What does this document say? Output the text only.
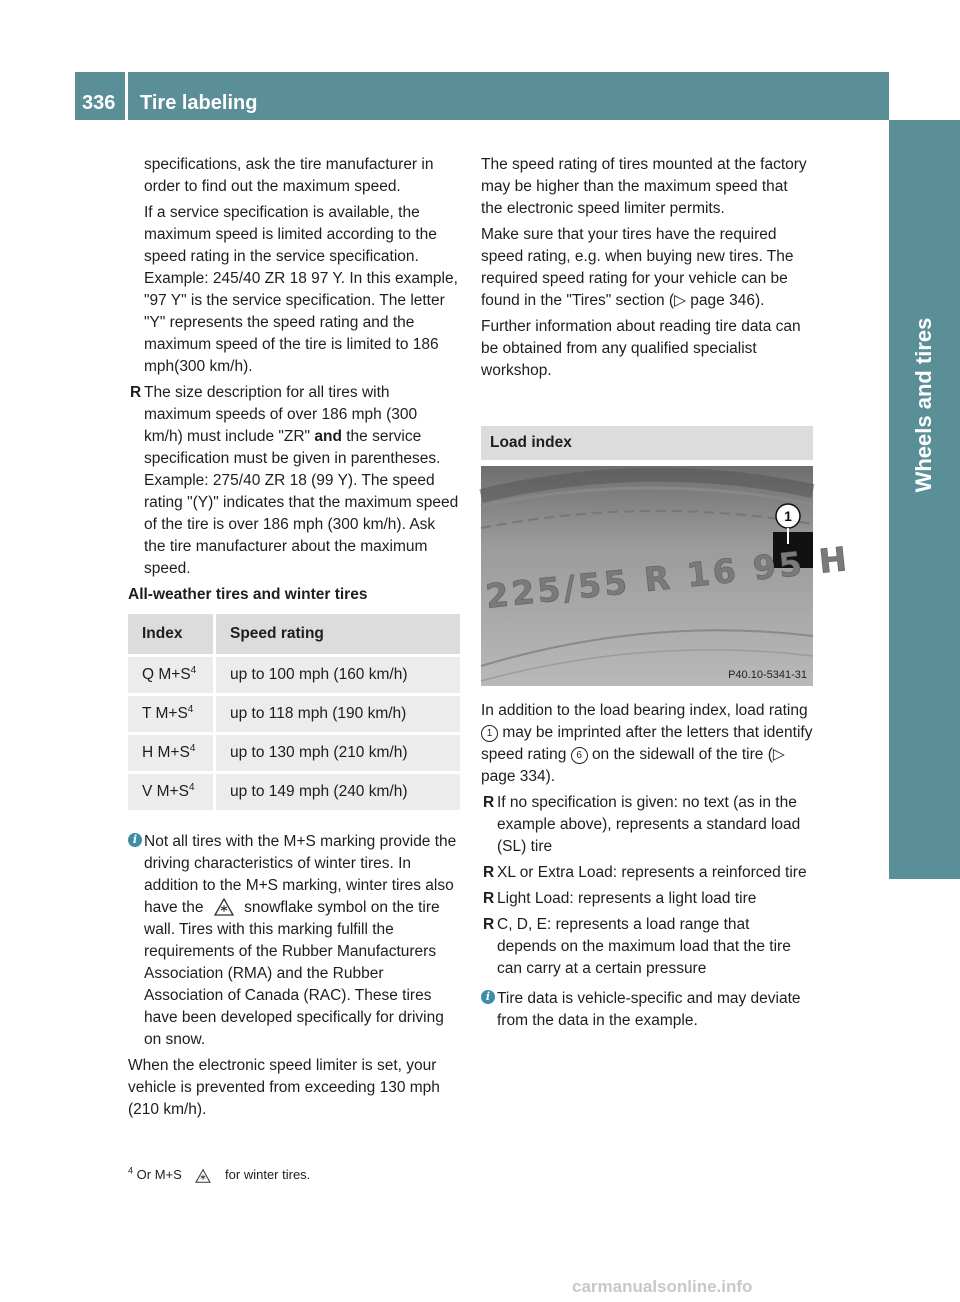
336 Tire labeling
Wheels and tires

specifications, ask the tire manufacturer in order to find out the maximum speed.

If a service specification is available, the maximum speed is limited according to the speed rating in the service specification. Example: 245/40 ZR 18 97 Y. In this example, "97 Y" is the service specification. The letter "Y" represents the speed rating and the maximum speed of the tire is limited to 186 mph(300 km/h).

R The size description for all tires with maximum speeds of over 186 mph (300 km/h) must include "ZR" and the service specification must be given in parentheses. Example: 275/40 ZR 18 (99 Y). The speed rating "(Y)" indicates that the maximum speed of the tire is over 186 mph (300 km/h). Ask the tire manufacturer about the maximum speed.
All-weather tires and winter tires
Index	Speed rating
Q $M+S^4$	up to 100 mph (160 km/h)
T $M+S^4$	up to 118 mph (190 km/h)
H $M+S^4$	up to 130 mph (210 km/h)
V $M+S^4$	up to 149 mph (240 km/h)
i Not all tires with the M+S marking provide the driving characteristics of winter tires. In addition to the M+S marking, winter tires also have the	snowflake symbol on the tire wall. Tires with this marking fulfill the requirements of the Rubber Manufacturers Association (RMA) and the Rubber Association of Canada (RAC). These tires have been developed specifically for driving on snow.

When the electronic speed limiter is set, your vehicle is prevented from exceeding 130 mph (210 km/h).

The speed rating of tires mounted at the factory may be higher than the maximum speed that the electronic speed limiter permits.

Make sure that your tires have the required speed rating, e.g. when buying new tires. The required speed rating for your vehicle can be found in the "Tires" section (▷ page 346).

Further information about reading tire data can be obtained from any qualified specialist workshop.

Load index
225/55 R 16 95 H
1
P40.10-5341-31

In addition to the load bearing index, load rating 1 may be imprinted after the letters that identify speed rating 6 on the sidewall of the tire (▷ page 334).

R If no specification is given: no text (as in the example above), represents a standard load (SL) tire
R XL or Extra Load: represents a reinforced tire
R Light Load: represents a light load tire
R C, D, E: represents a load range that depends on the maximum load that the tire can carry at a certain pressure
i Tire data is vehicle-specific and may deviate from the data in the example.
$^4$ Or M+S	for winter tires.
carmanualsonline.info
